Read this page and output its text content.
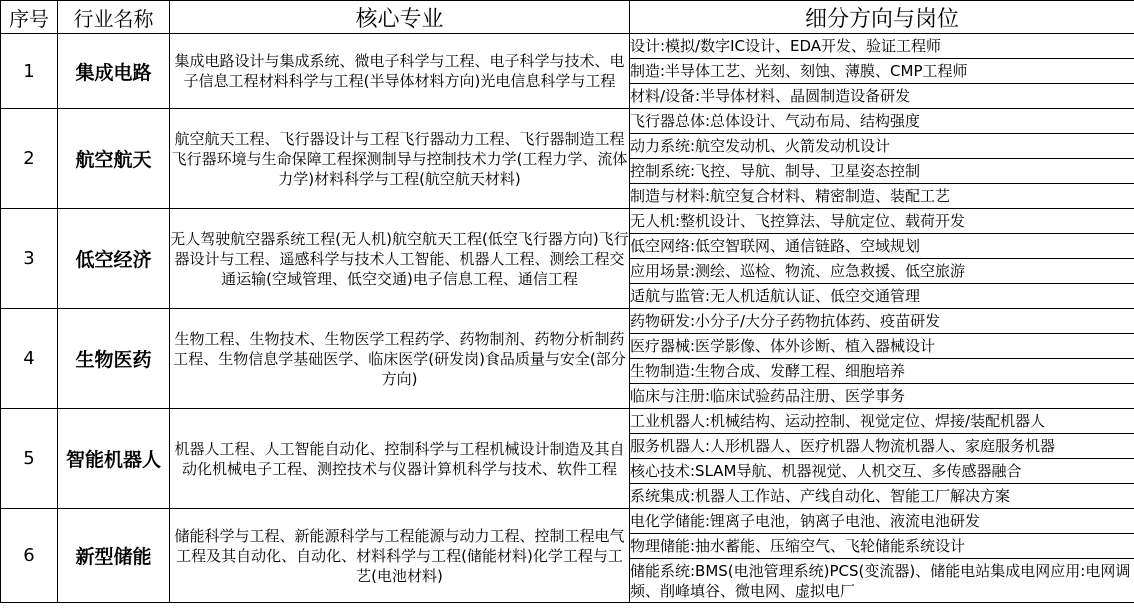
序号	行业名称	核心专业	细分方向与岗位
1	集成电路	集成电路设计与集成系统、微电子科学与工程、电子科学与技术、电子信息工程材料科学与工程(半导体材料方向)光电信息科学与工程	设计:模拟/数字IC设计、EDA开发、验证工程师
			制造:半导体工艺、光刻、刻蚀、薄膜、CMP工程师
			材料/设备:半导体材料、晶圆制造设备研发
2	航空航天	航空航天工程、飞行器设计与工程飞行器动力工程、飞行器制造工程飞行器环境与生命保障工程探测制导与控制技术力学(工程力学、流体力学)材料科学与工程(航空航天材料)	飞行器总体:总体设计、气动布局、结构强度
			动力系统:航空发动机、火箭发动机设计
			控制系统:飞控、导航、制导、卫星姿态控制
			制造与材料:航空复合材料、精密制造、装配工艺
3	低空经济	无人驾驶航空器系统工程(无人机)航空航天工程(低空飞行器方向)飞行器设计与工程、遥感科学与技术人工智能、机器人工程、测绘工程交通运输(空域管理、低空交通)电子信息工程、通信工程	无人机:整机设计、飞控算法、导航定位、载荷开发
			低空网络:低空智联网、通信链路、空域规划
			应用场景:测绘、巡检、物流、应急救援、低空旅游
			适航与监管:无人机适航认证、低空交通管理
4	生物医药	生物工程、生物技术、生物医学工程药学、药物制剂、药物分析制药工程、生物信息学基础医学、临床医学(研发岗)食品质量与安全(部分方向)	药物研发:小分子/大分子药物抗体药、疫苗研发
			医疗器械:医学影像、体外诊断、植入器械设计
			生物制造:生物合成、发酵工程、细胞培养
			临床与注册:临床试验药品注册、医学事务
5	智能机器人	机器人工程、人工智能自动化、控制科学与工程机械设计制造及其自动化机械电子工程、测控技术与仪器计算机科学与技术、软件工程	工业机器人:机械结构、运动控制、视觉定位、焊接/装配机器人
			服务机器人:人形机器人、医疗机器人物流机器人、家庭服务机器
			核心技术:SLAM导航、机器视觉、人机交互、多传感器融合
			系统集成:机器人工作站、产线自动化、智能工厂解决方案
6	新型储能	储能科学与工程、新能源科学与工程能源与动力工程、控制工程电气工程及其自动化、自动化、材料科学与工程(储能材料)化学工程与工艺(电池材料)	电化学储能:锂离子电池，钠离子电池、液流电池研发
			物理储能:抽水蓄能、压缩空气、飞轮储能系统设计
			储能系统:BMS(电池管理系统)PCS(变流器)、储能电站集成电网应用:电网调频、削峰填谷、微电网、虚拟电厂
